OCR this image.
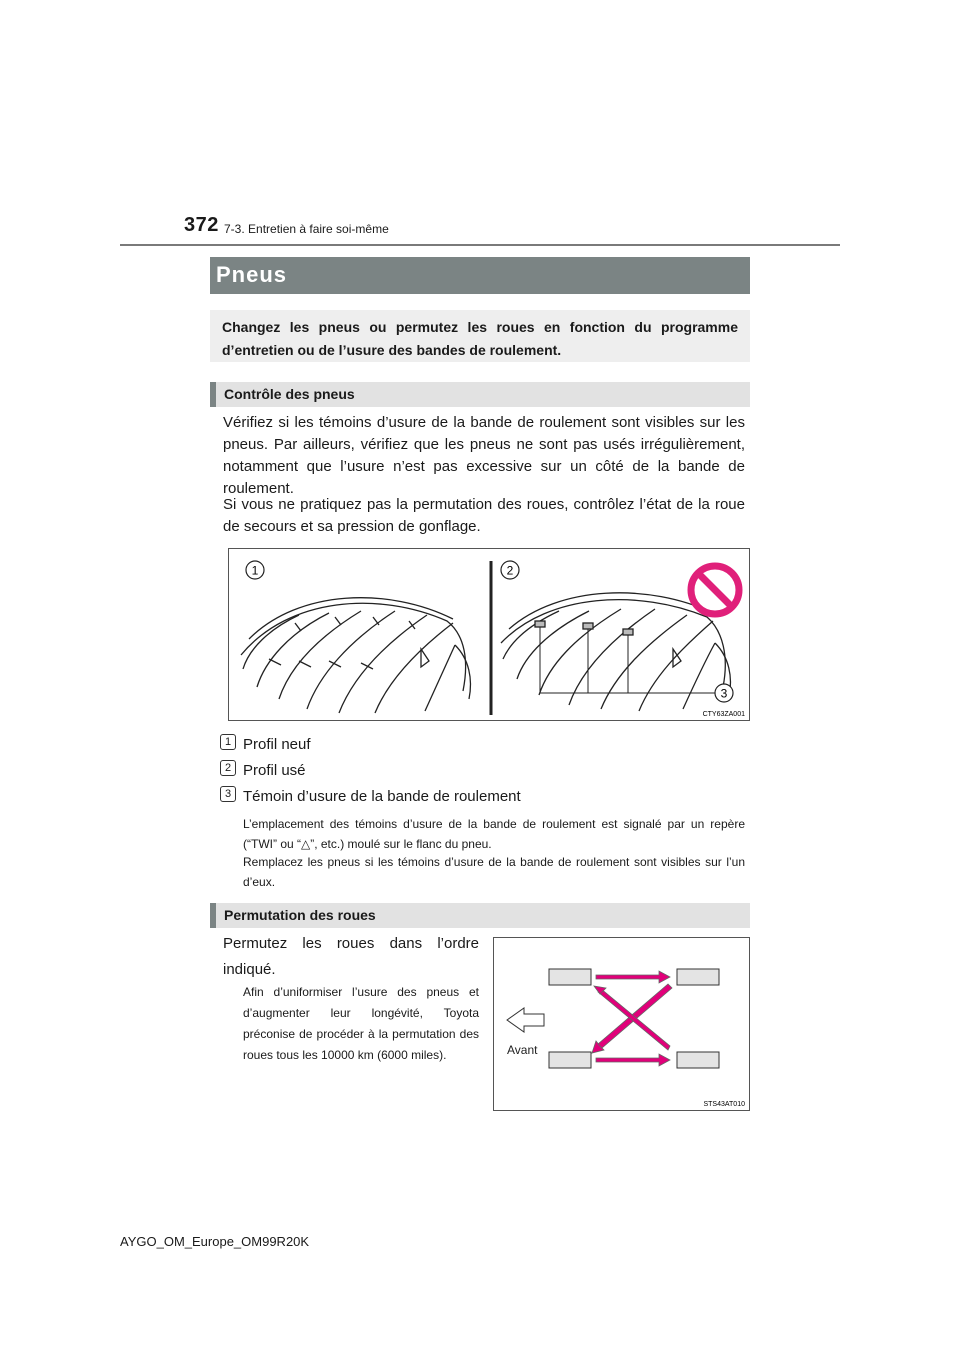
372 7-3. Entretien à faire soi-même
Pneus
Changez les pneus ou permutez les roues en fonction du programme d’entretien ou de l’usure des bandes de roulement.
Contrôle des pneus
Vérifiez si les témoins d’usure de la bande de roulement sont visibles sur les pneus. Par ailleurs, vérifiez que les pneus ne sont pas usés irrégulièrement, notamment que l’usure n’est pas excessive sur un côté de la bande de roulement.
Si vous ne pratiquez pas la permutation des roues, contrôlez l’état de la roue de secours et sa pression de gonflage.
1	2
3
CTY63ZA001
1 Profil neuf
2 Profil usé
3 Témoin d’usure de la bande de roulement
L’emplacement des témoins d’usure de la bande de roulement est signalé par un repère (“TWI” ou “△”, etc.) moulé sur le flanc du pneu.
Remplacez les pneus si les témoins d’usure de la bande de roulement sont visibles sur l’un d’eux.
Permutation des roues
Permutez les roues dans l’ordre indiqué.
Afin d’uniformiser l’usure des pneus et d’augmenter leur longévité, Toyota préconise de procéder à la permutation des roues tous les 10000 km (6000 miles).	Avant
STS43AT010
AYGO_OM_Europe_OM99R20K
